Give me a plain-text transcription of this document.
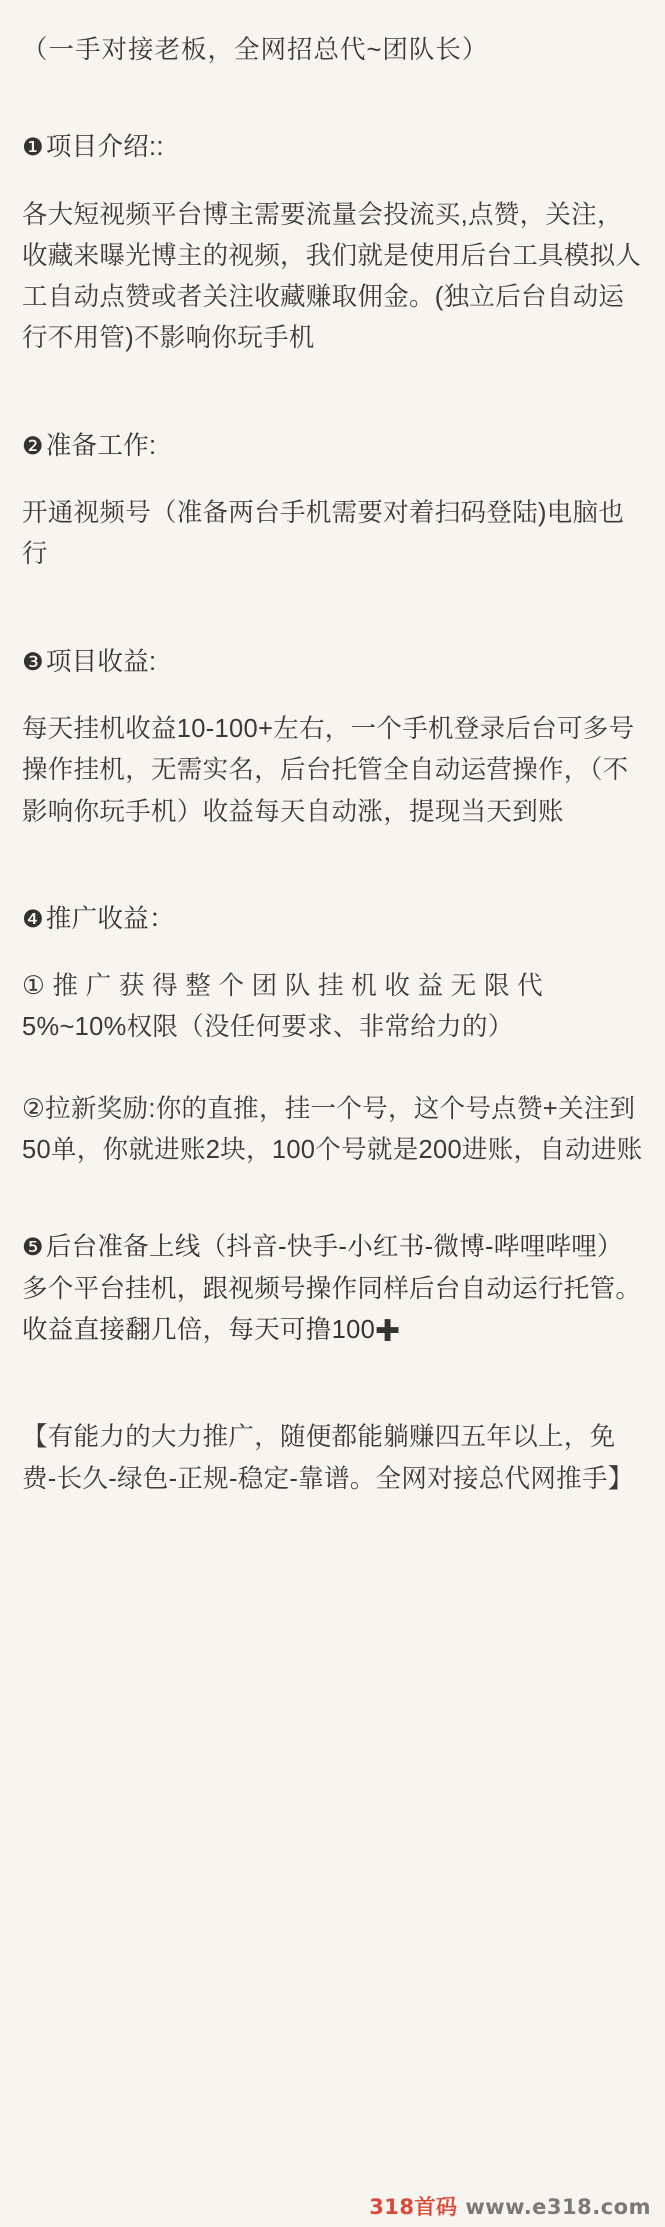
（一手对接老板，全网招总代~团队长）

❶项目介绍::

各大短视频平台博主需要流量会投流买,点赞，关注，收藏来曝光博主的视频，我们就是使用后台工具模拟人工自动点赞或者关注收藏赚取佣金。(独立后台自动运行不用管)不影响你玩手机

❷准备工作:

开通视频号（准备两台手机需要对着扫码登陆)电脑也行

❸项目收益:

每天挂机收益10-100+左右，一个手机登录后台可多号操作挂机，无需实名，后台托管全自动运营操作，（不影响你玩手机）收益每天自动涨，提现当天到账

❹推广收益：

① 推 广 获 得 整 个 团 队 挂 机 收 益 无 限 代

5%~10%权限（没任何要求、非常给力的）

②拉新奖励:你的直推，挂一个号，这个号点赞+关注到50单，你就进账2块，100个号就是200进账，自动进账

❺后台准备上线（抖音-快手-小红书-微博-哔哩哔哩）多个平台挂机，跟视频号操作同样后台自动运行托管。收益直接翻几倍，每天可撸100✚

【有能力的大力推广，随便都能躺赚四五年以上，免费-长久-绿色-正规-稳定-靠谱。全网对接总代网推手】

318首码 www.e318.com
